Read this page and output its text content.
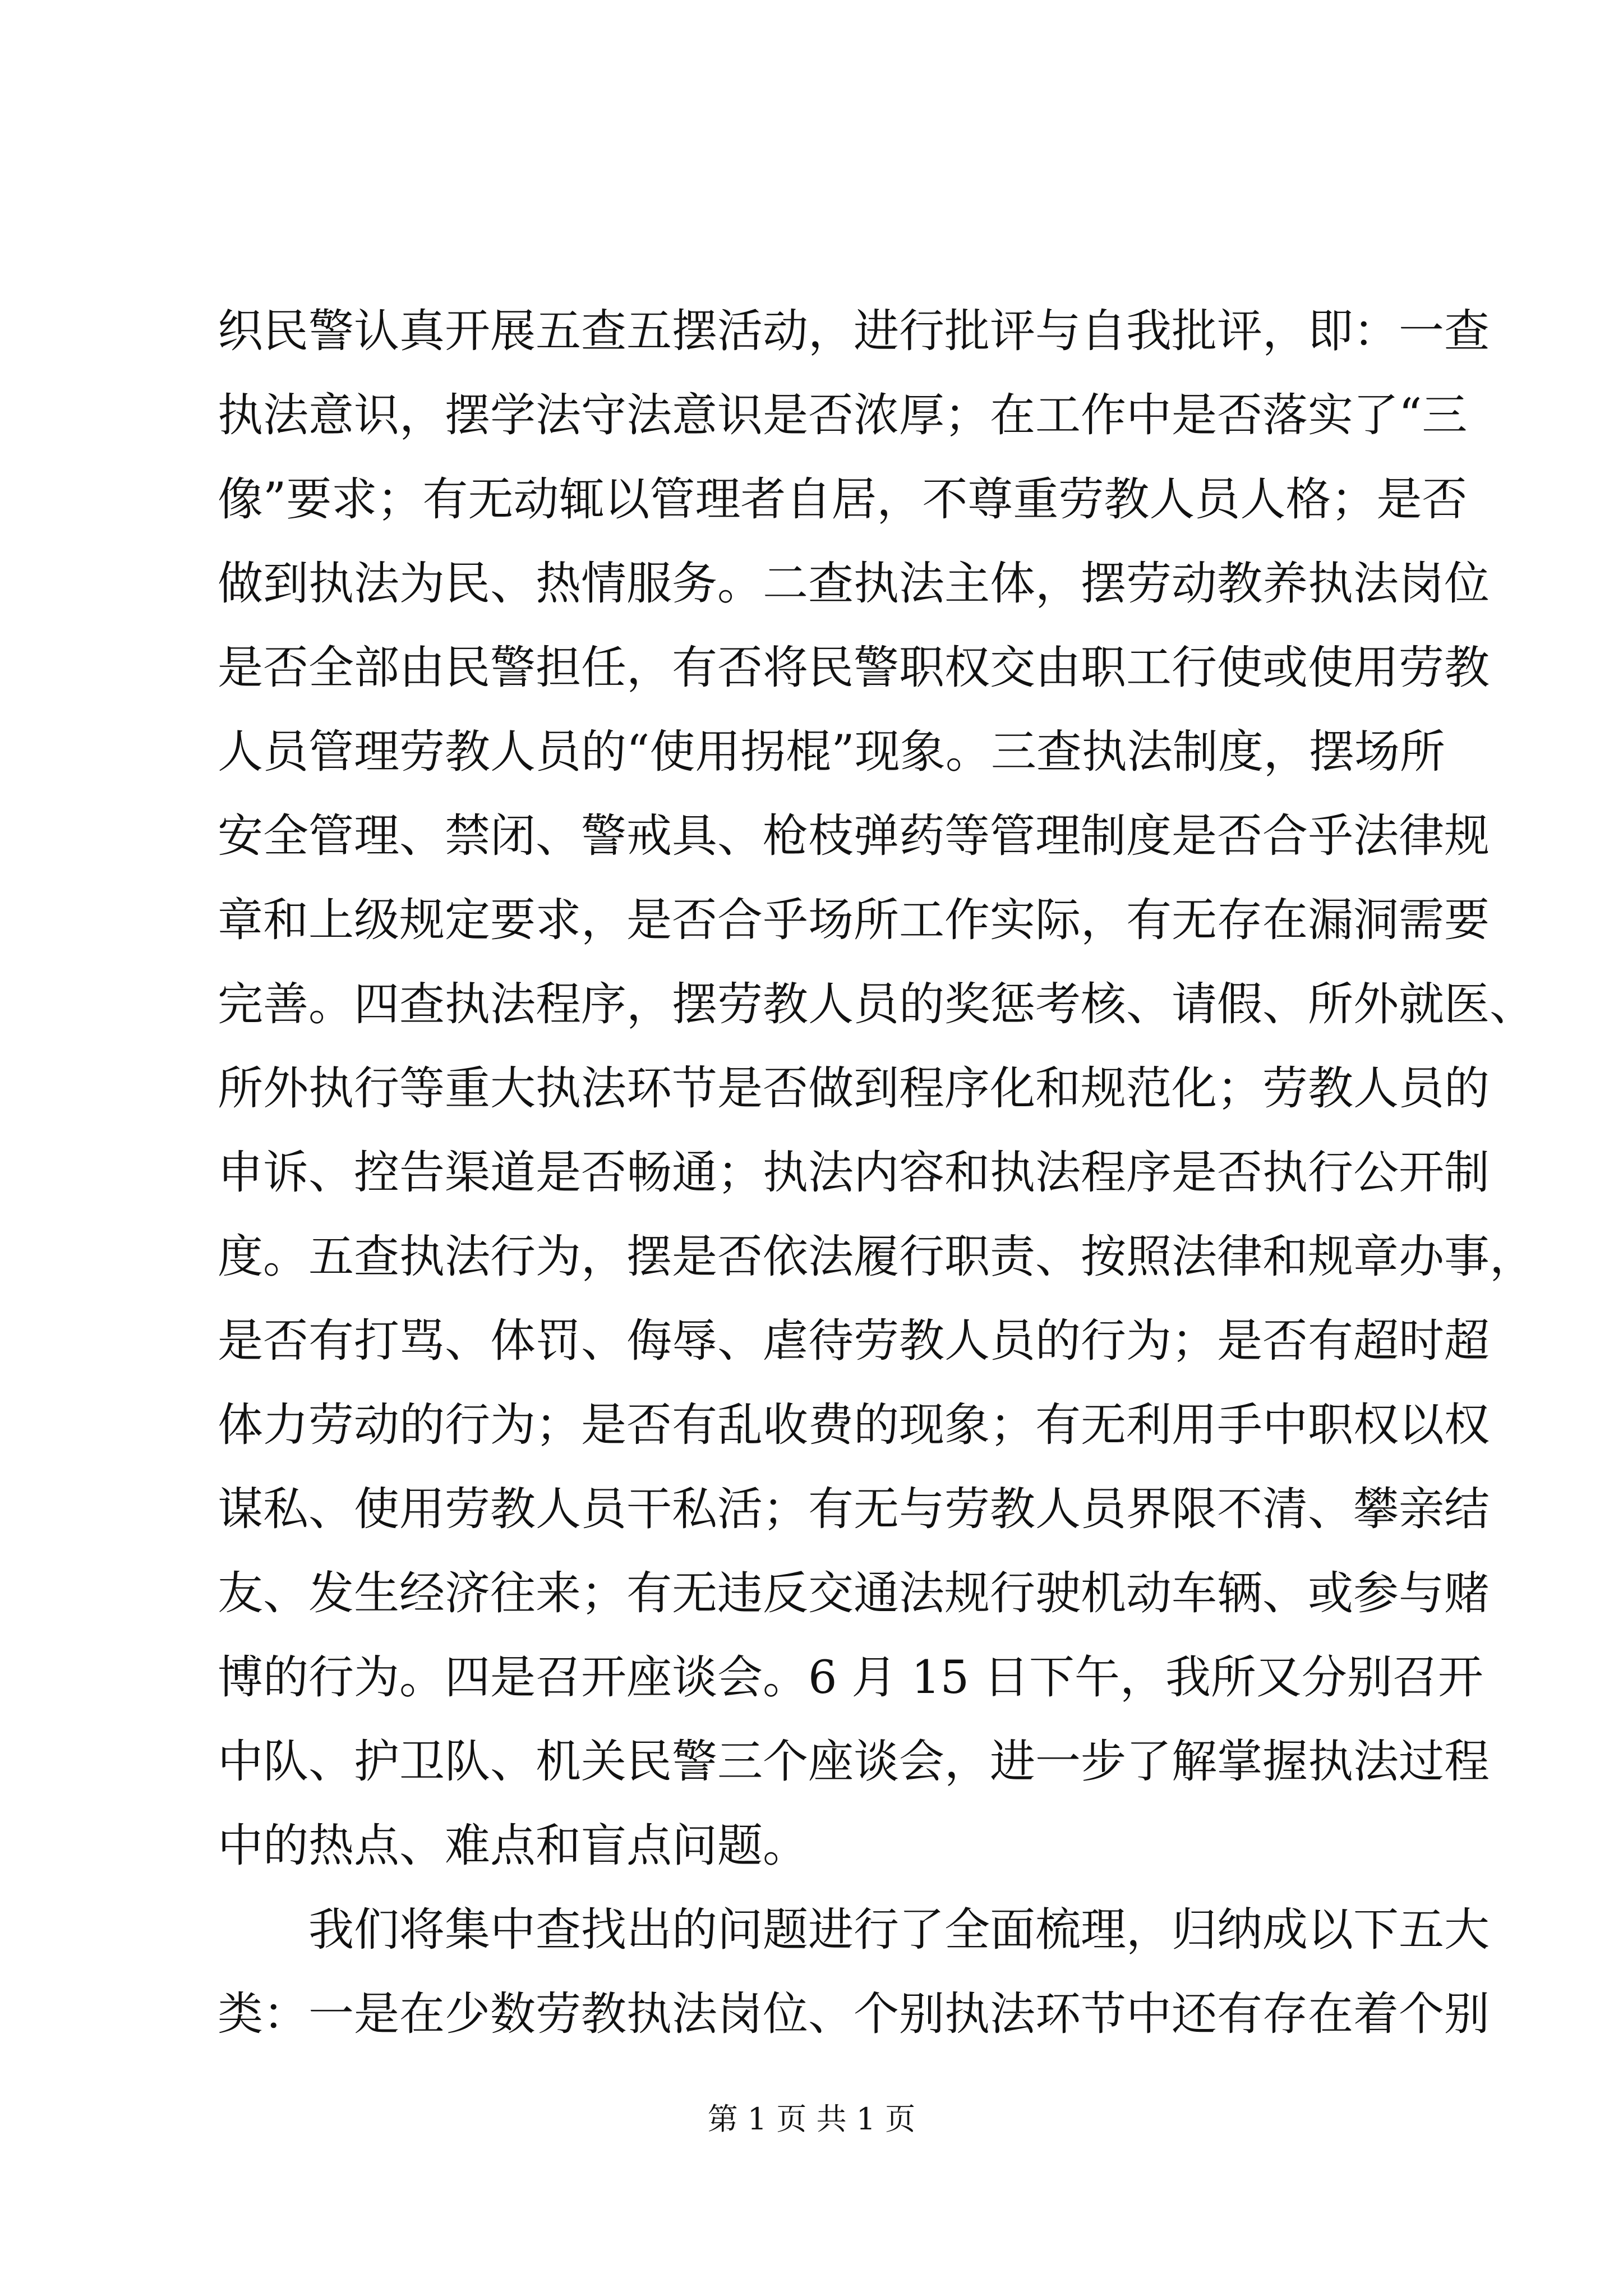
织民警认真开展五查五摆活动，进行批评与自我批评，即：一查
执法意识，摆学法守法意识是否浓厚；在工作中是否落实了“三
像”要求；有无动辄以管理者自居，不尊重劳教人员人格；是否
做到执法为民、热情服务。二查执法主体，摆劳动教养执法岗位
是否全部由民警担任，有否将民警职权交由职工行使或使用劳教
人员管理劳教人员的“使用拐棍”现象。三查执法制度，摆场所
安全管理、禁闭、警戒具、枪枝弹药等管理制度是否合乎法律规
章和上级规定要求，是否合乎场所工作实际，有无存在漏洞需要
完善。四查执法程序，摆劳教人员的奖惩考核、请假、所外就医、
所外执行等重大执法环节是否做到程序化和规范化；劳教人员的
申诉、控告渠道是否畅通；执法内容和执法程序是否执行公开制
度。五查执法行为，摆是否依法履行职责、按照法律和规章办事，
是否有打骂、体罚、侮辱、虐待劳教人员的行为；是否有超时超
体力劳动的行为；是否有乱收费的现象；有无利用手中职权以权
谋私、使用劳教人员干私活；有无与劳教人员界限不清、攀亲结
友、发生经济往来；有无违反交通法规行驶机动车辆、或参与赌
博的行为。四是召开座谈会。6 月 15 日下午，我所又分别召开
中队、护卫队、机关民警三个座谈会，进一步了解掌握执法过程
中的热点、难点和盲点问题。
　　我们将集中查找出的问题进行了全面梳理，归纳成以下五大
类：一是在少数劳教执法岗位、个别执法环节中还有存在着个别
第 1 页 共 1 页
